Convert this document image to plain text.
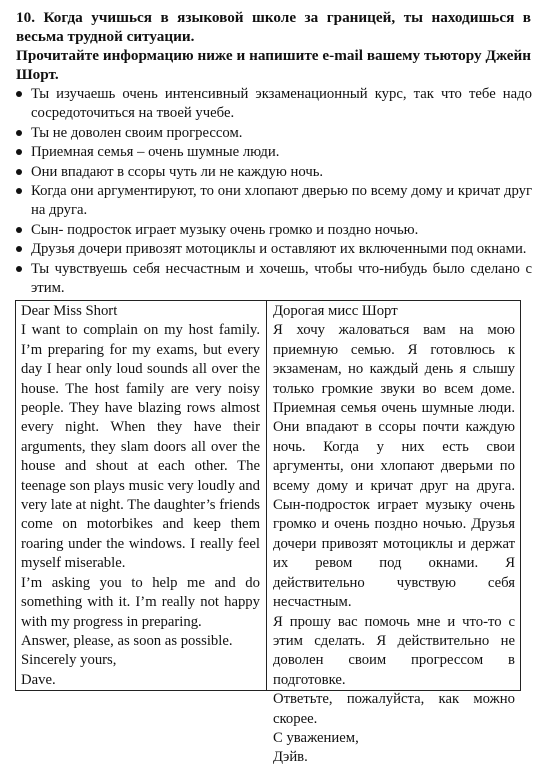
10. Когда учишься в языковой школе за границей, ты находишься в весьма трудной ситуации.
Прочитайте информацию ниже и напишите e-mail вашему тьютору Джейн Шорт.

Ты изучаешь очень интенсивный экзаменационный курс, так что тебе надо сосредоточиться на твоей учебе.
Ты не доволен своим прогрессом.
Приемная семья – очень шумные люди.
Они впадают в ссоры чуть ли не каждую ночь.
Когда они аргументируют, то они хлопают дверью по всему дому и кричат друг на друга.
Сын- подросток играет музыку очень громко и поздно ночью.
Друзья дочери привозят мотоциклы и оставляют их включенными под окнами.
Ты чувствуешь себя несчастным и хочешь, чтобы что-нибудь было сделано с этим.

Dear Miss Short

I want to complain on my host family. I’m preparing for my exams, but every day I hear only loud sounds all over the house. The host family are very noisy people. They have blazing rows almost every night. When they have their arguments, they slam doors all over the house and shout at each other. The teenage son plays music very loudly and very late at night. The daughter’s friends come on motorbikes and keep them roaring under the windows. I really feel myself miserable.

I’m asking you to help me and do something with it. I’m really not happy with my progress in preparing.

Answer, please, as soon as possible.

Sincerely yours,

Dave.

Дорогая мисс Шорт

Я хочу жаловаться вам на мою приемную семью. Я готовлюсь к экзаменам, но каждый день я слышу только громкие звуки во всем доме. Приемная семья очень шумные люди. Они впадают в ссоры почти каждую ночь. Когда у них есть свои аргументы, они хлопают дверьми по всему дому и кричат друг на друга. Сын-подросток играет музыку очень громко и очень поздно ночью. Друзья дочери привозят мотоциклы и держат их ревом под окнами. Я действительно чувствую себя несчастным.

Я прошу вас помочь мне и что-то с этим сделать. Я действительно не доволен своим прогрессом в подготовке.

Ответьте, пожалуйста, как можно скорее.

С уважением,

Дэйв.
